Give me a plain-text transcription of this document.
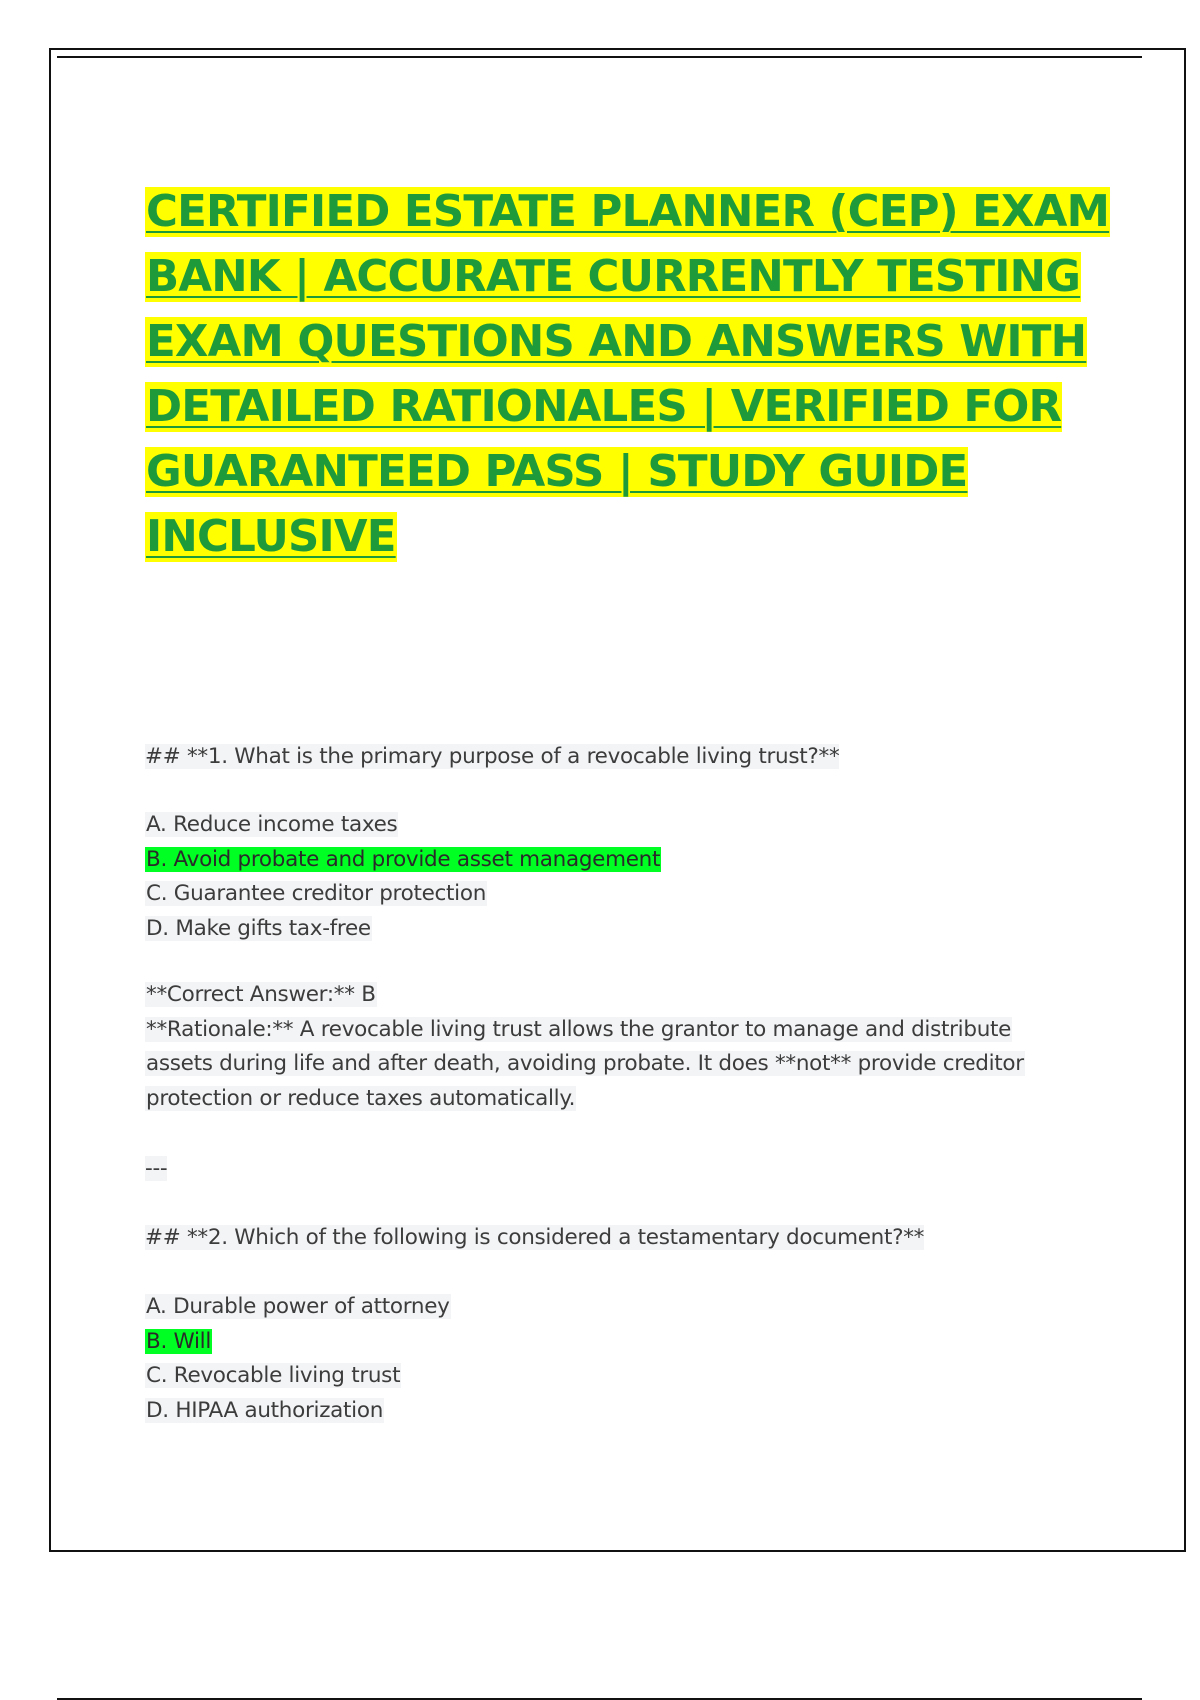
CERTIFIED ESTATE PLANNER (CEP) EXAM
BANK | ACCURATE CURRENTLY TESTING
EXAM QUESTIONS AND ANSWERS WITH
DETAILED RATIONALES | VERIFIED FOR
GUARANTEED PASS | STUDY GUIDE
INCLUSIVE
## **1. What is the primary purpose of a revocable living trust?**
A. Reduce income taxes
B. Avoid probate and provide asset management
C. Guarantee creditor protection
D. Make gifts tax-free
**Correct Answer:** B
**Rationale:** A revocable living trust allows the grantor to manage and distribute
assets during life and after death, avoiding probate. It does **not** provide creditor
protection or reduce taxes automatically.
---
## **2. Which of the following is considered a testamentary document?**
A. Durable power of attorney
B. Will
C. Revocable living trust
D. HIPAA authorization
